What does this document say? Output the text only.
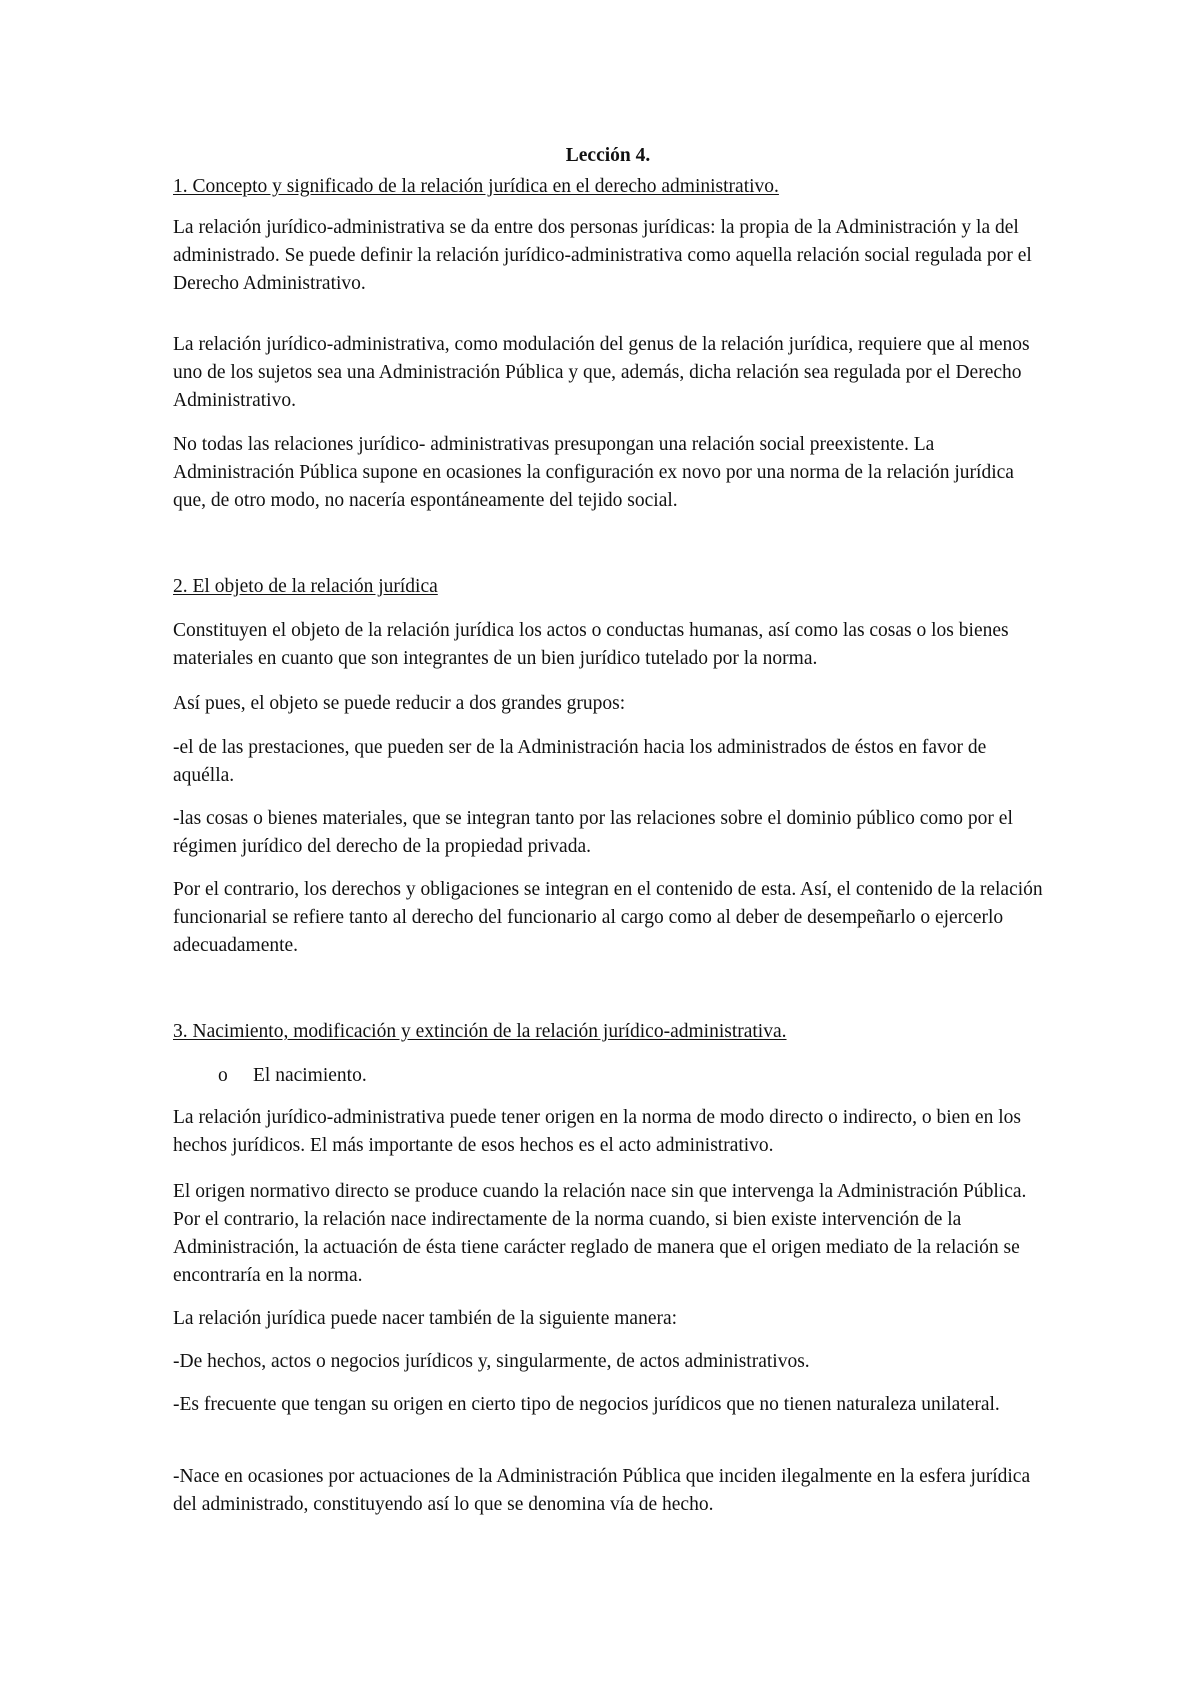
Lección 4.

1. Concepto y significado de la relación jurídica en el derecho administrativo.

La relación jurídico-administrativa se da entre dos personas jurídicas: la propia de la Administración y la del administrado. Se puede definir la relación jurídico-administrativa como aquella relación social regulada por el Derecho Administrativo.

La relación jurídico-administrativa, como modulación del genus de la relación jurídica, requiere que al menos uno de los sujetos sea una Administración Pública y que, además, dicha relación sea regulada por el Derecho Administrativo.

No todas las relaciones jurídico- administrativas presupongan una relación social preexistente. La Administración Pública supone en ocasiones la configuración ex novo por una norma de la relación jurídica que, de otro modo, no nacería espontáneamente del tejido social.

2. El objeto de la relación jurídica

Constituyen el objeto de la relación jurídica los actos o conductas humanas, así como las cosas o los bienes materiales en cuanto que son integrantes de un bien jurídico tutelado por la norma.

Así pues, el objeto se puede reducir a dos grandes grupos:

-el de las prestaciones, que pueden ser de la Administración hacia los administrados de éstos en favor de aquélla.

-las cosas o bienes materiales, que se integran tanto por las relaciones sobre el dominio público como por el régimen jurídico del derecho de la propiedad privada.

Por el contrario, los derechos y obligaciones se integran en el contenido de esta. Así, el contenido de la relación funcionarial se refiere tanto al derecho del funcionario al cargo como al deber de desempeñarlo o ejercerlo adecuadamente.

3. Nacimiento, modificación y extinción de la relación jurídico-administrativa.

o El nacimiento.

La relación jurídico-administrativa puede tener origen en la norma de modo directo o indirecto, o bien en los hechos jurídicos. El más importante de esos hechos es el acto administrativo.

El origen normativo directo se produce cuando la relación nace sin que intervenga la Administración Pública. Por el contrario, la relación nace indirectamente de la norma cuando, si bien existe intervención de la Administración, la actuación de ésta tiene carácter reglado de manera que el origen mediato de la relación se encontraría en la norma.

La relación jurídica puede nacer también de la siguiente manera:

-De hechos, actos o negocios jurídicos y, singularmente, de actos administrativos.

-Es frecuente que tengan su origen en cierto tipo de negocios jurídicos que no tienen naturaleza unilateral.

-Nace en ocasiones por actuaciones de la Administración Pública que inciden ilegalmente en la esfera jurídica del administrado, constituyendo así lo que se denomina vía de hecho.
